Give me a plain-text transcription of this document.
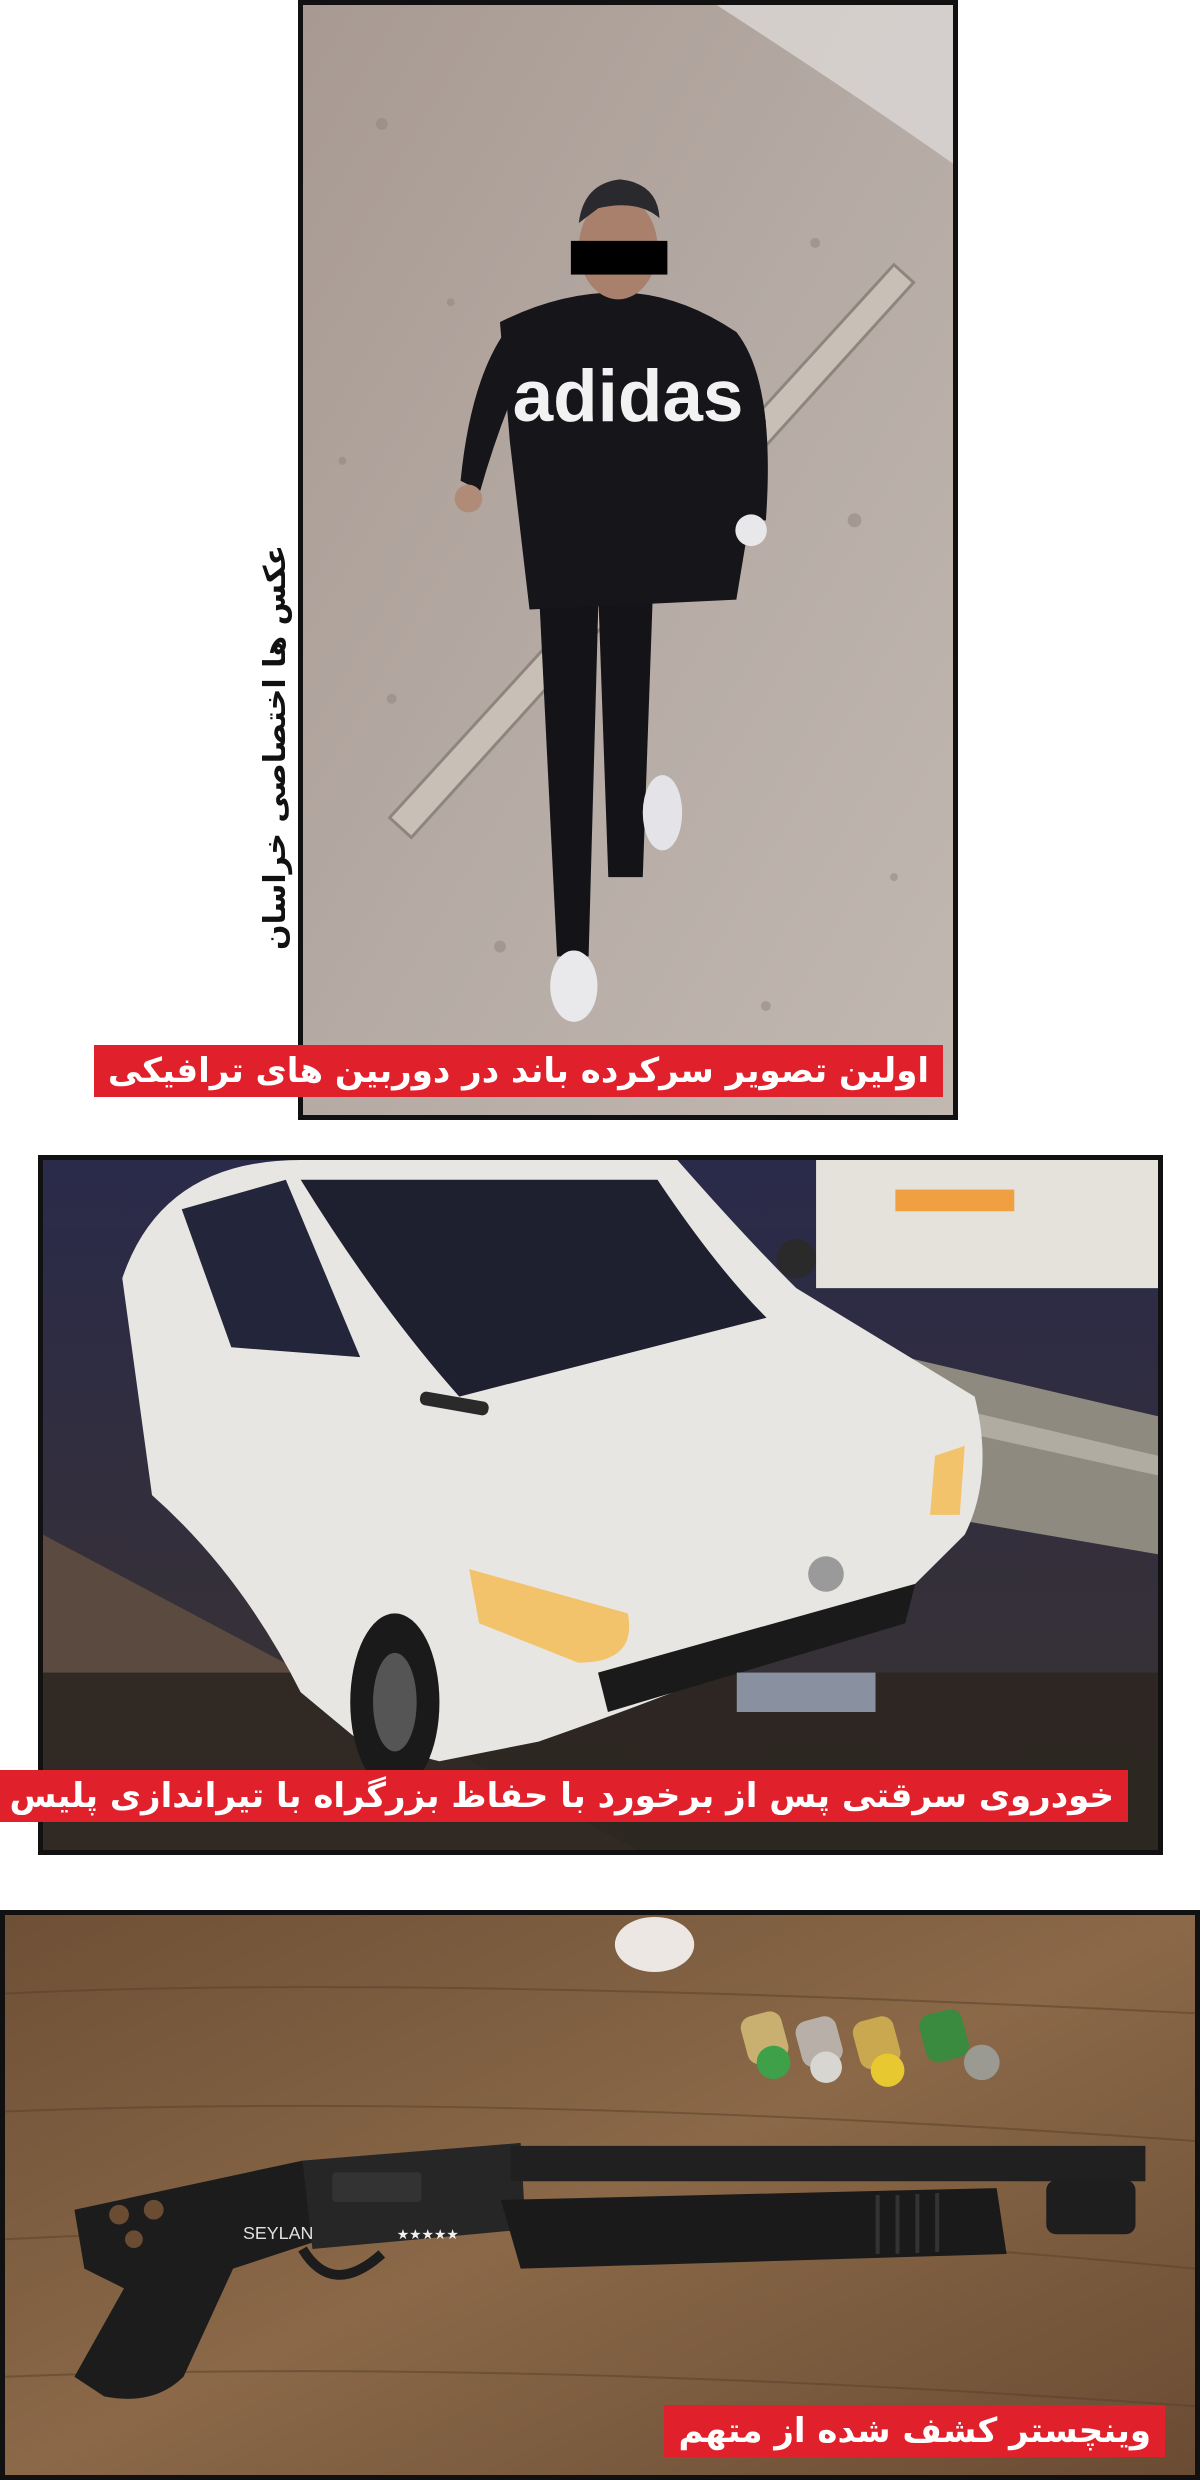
عکس ها اختصاصی خراسان
adidas
اولین تصویر سرکرده باند در دوربین های ترافیکی
خودروی سرقتی پس از برخورد با حفاظ بزرگراه با تیراندازی پلیس
SEYLAN	★★★★★
وینچستر کشف شده از متهم
